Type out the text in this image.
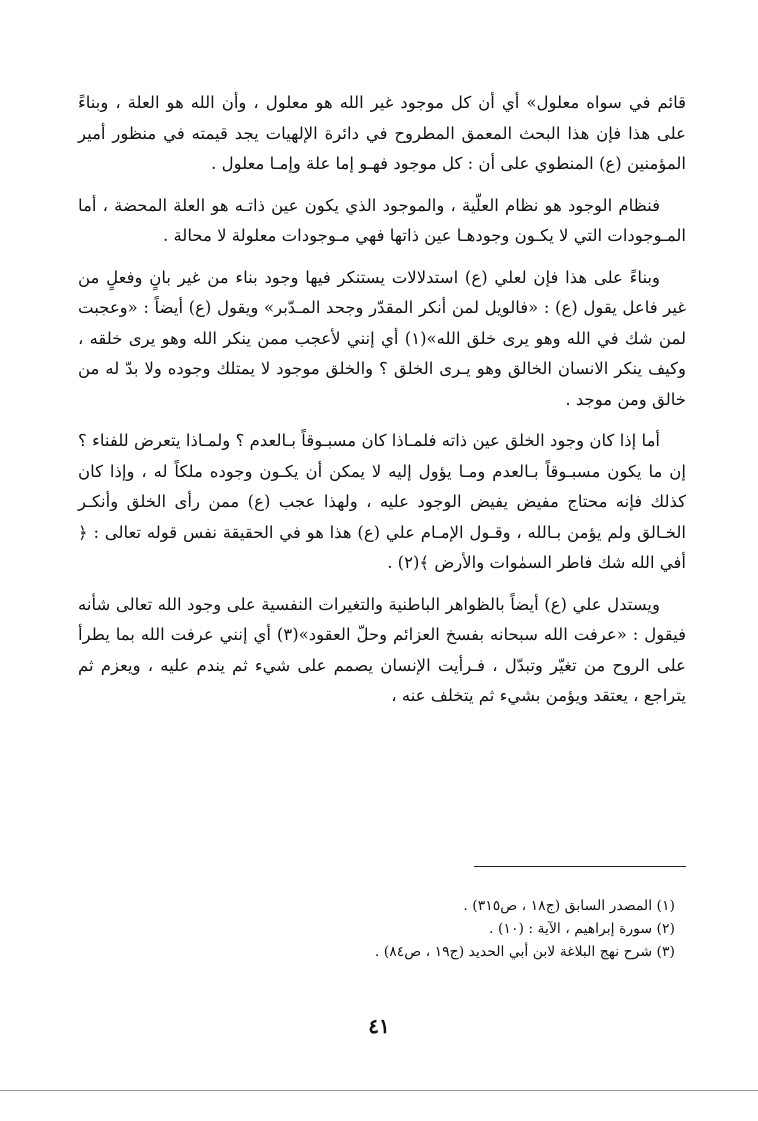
قائم في سواه معلول» أي أن كل موجود غير الله هو معلول ، وأن الله هو العلة ، وبناءً على هذا فإن هذا البحث المعمق المطروح في دائرة الإلهيات يجد قيمته في منظور أمير المؤمنين (ع) المنطوي على أن : كل موجود فهـو إما علة وإمـا معلول .

فنظام الوجود هو نظام العلّية ، والموجود الذي يكون عين ذاتـه هو العلة المحضة ، أما المـوجودات التي لا يكـون وجودهـا عين ذاتها فهي مـوجودات معلولة لا محالة .

وبناءً على هذا فإن لعلي (ع) استدلالات يستنكر فيها وجود بناء من غير بانٍ وفعلٍ من غير فاعل يقول (ع) : «فالويل لمن أنكر المقدّر وجحد المـدّبر» ويقول (ع) أيضاً : «وعجبت لمن شك في الله وهو يرى خلق الله»(١) أي إنني لأعجب ممن ينكر الله وهو يرى خلقه ، وكيف ينكر الانسان الخالق وهو يـرى الخلق ؟ والخلق موجود لا يمتلك وجوده ولا بدّ له من خالق ومن موجد .

أما إذا كان وجود الخلق عين ذاته فلمـاذا كان مسبـوقاً بـالعدم ؟ ولمـاذا يتعرض للفناء ؟ إن ما يكون مسبـوقاً بـالعدم ومـا يؤول إليه لا يمكن أن يكـون وجوده ملكاً له ، وإذا كان كذلك فإنه محتاج مفيض يفيض الوجود عليه ، ولهذا عجب (ع) ممن رأى الخلق وأنكـر الخـالق ولم يؤمن بـالله ، وقـول الإمـام علي (ع) هذا هو في الحقيقة نفس قوله تعالى : ﴿ أفي الله شك فاطر السمٰوات والأرض ﴾(٢) .

ويستدل علي (ع) أيضاً بالظواهر الباطنية والتغيرات النفسية على وجود الله تعالى شأنه فيقول : «عرفت الله سبحانه بفسخ العزائم وحلّ العقود»(٣) أي إنني عرفت الله بما يطرأ على الروح من تغيّر وتبدّل ، فـرأيت الإنسان يصمم على شيء ثم يندم عليه ، ويعزم ثم يتراجع ، يعتقد ويؤمن بشيء ثم يتخلف عنه ،

(١) المصدر السابق (ج١٨ ، ص٣١٥) .

(٢) سورة إبراهيم ، الآية : (١٠) .

(٣) شرح نهج البلاغة لابن أبي الحديد (ج١٩ ، ص٨٤) .

٤١
